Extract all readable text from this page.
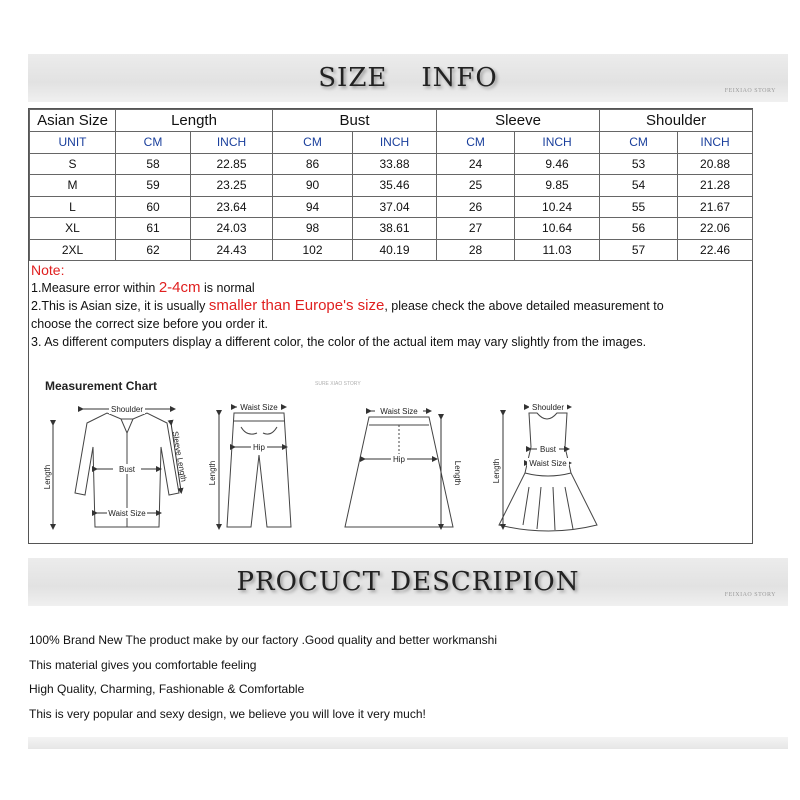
SIZE INFO	FEIXIAO STORY
Asian Size	Length		Bust		Sleeve		Shoulder	
UNIT	CM	INCH	CM	INCH	CM	INCH	CM	INCH
S	58	22.85	86	33.88	24	9.46	53	20.88
M	59	23.25	90	35.46	25	9.85	54	21.28
L	60	23.64	94	37.04	26	10.24	55	21.67
XL	61	24.03	98	38.61	27	10.64	56	22.06
2XL	62	24.43	102	40.19	28	11.03	57	22.46
Note:
1.Measure error within 2-4cm is normal
2.This is Asian size, it is usually smaller than Europe's size, please check the above detailed measurement to
choose the correct size before you order it.
3. As different computers display a different color, the color of the actual item may vary slightly from the images.
Measurement Chart	SURE XIAO STORY
Shoulder
Bust
Waist Size
Length	Sleeve Length
Waist Size
Hip
Length
Waist Size
Hip
Length
Shoulder
Bust
Waist Size
Length
PROCUCT DESCRIPION	FEIXIAO STORY
100% Brand New The product make by our factory .Good quality and better workmanshi
This material gives you comfortable feeling
High Quality, Charming, Fashionable & Comfortable
This is very popular and sexy design, we believe you will love it very much!
